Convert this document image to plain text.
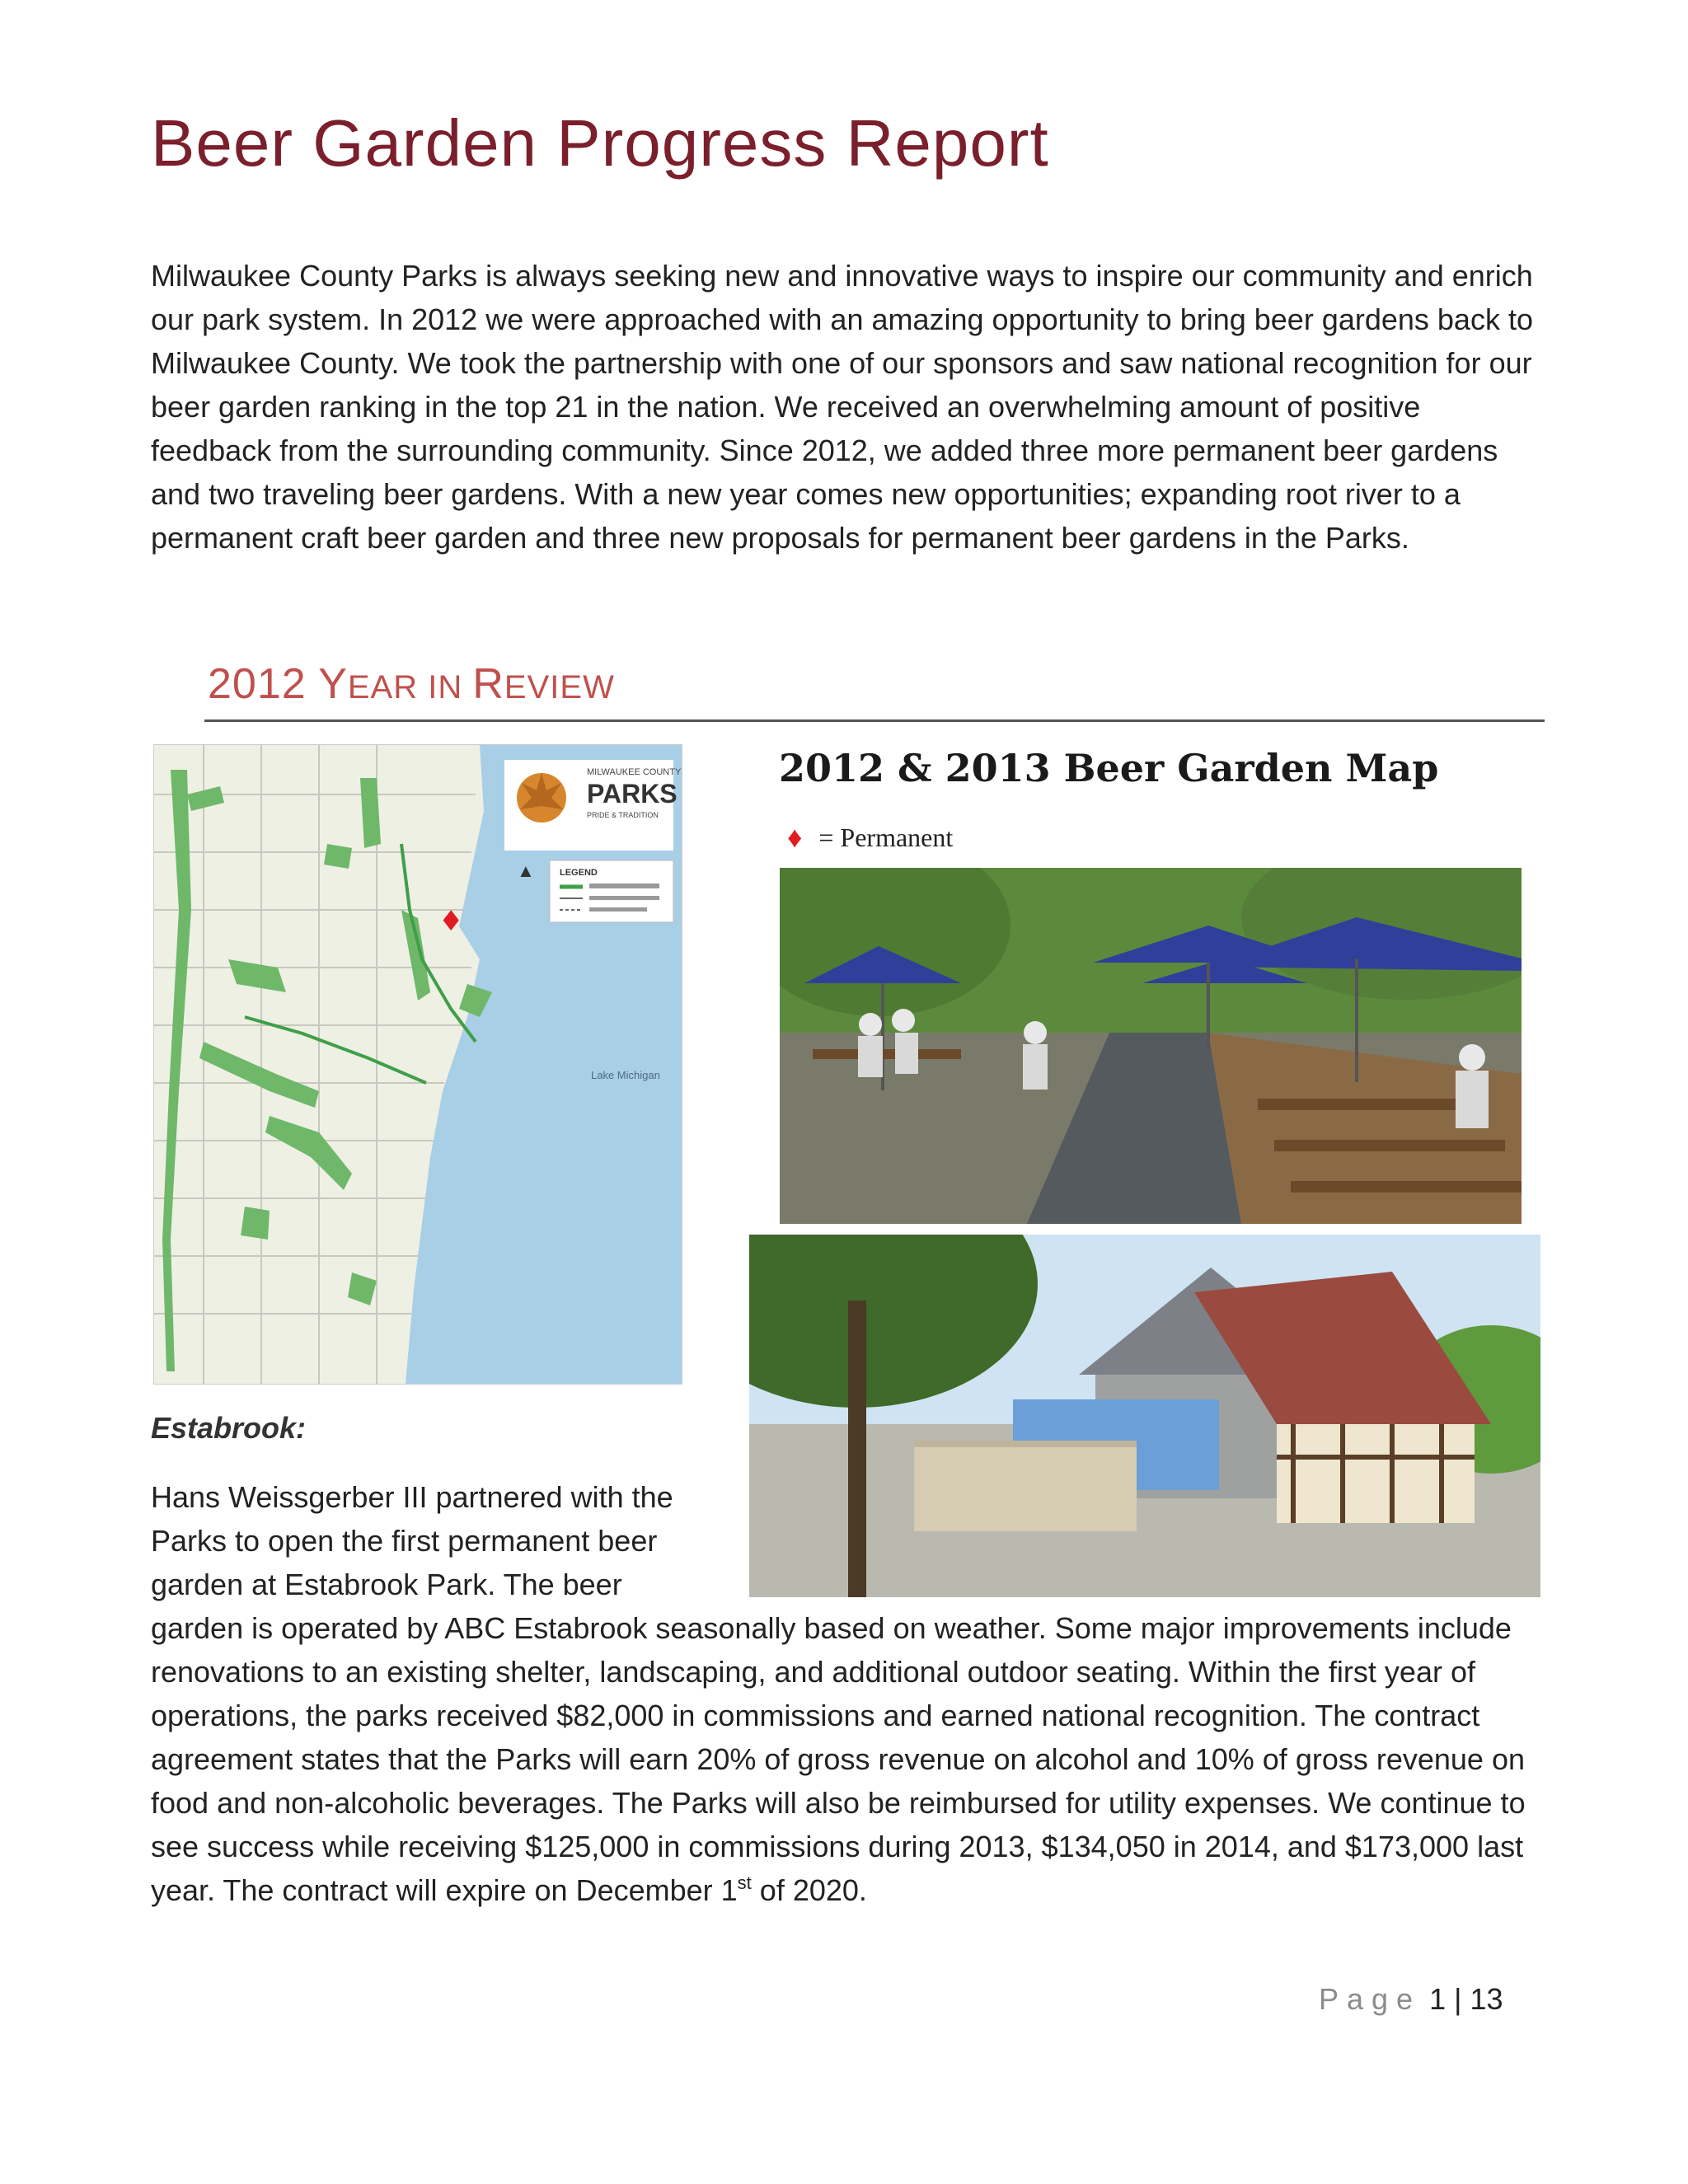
Beer Garden Progress Report

Milwaukee County Parks is always seeking new and innovative ways to inspire our community and enrich our park system. In 2012 we were approached with an amazing opportunity to bring beer gardens back to Milwaukee County. We took the partnership with one of our sponsors and saw national recognition for our beer garden ranking in the top 21 in the nation. We received an overwhelming amount of positive feedback from the surrounding community. Since 2012, we added three more permanent beer gardens and two traveling beer gardens. With a new year comes new opportunities; expanding root river to a permanent craft beer garden and three new proposals for permanent beer gardens in the Parks.

2012 YEAR IN REVIEW
MILWAUKEE COUNTY
PARKS
PRIDE & TRADITION
LEGEND
▲
♦
Lake Michigan
2012 & 2013 Beer Garden Map
♦ = Permanent
Estabrook:

Hans Weissgerber III partnered with the Parks to open the first permanent beer garden at Estabrook Park. The beer

garden is operated by ABC Estabrook seasonally based on weather. Some major improvements include renovations to an existing shelter, landscaping, and additional outdoor seating. Within the first year of operations, the parks received $82,000 in commissions and earned national recognition. The contract agreement states that the Parks will earn 20% of gross revenue on alcohol and 10% of gross revenue on food and non-alcoholic beverages. The Parks will also be reimbursed for utility expenses. We continue to see success while receiving $125,000 in commissions during 2013, $134,050 in 2014, and $173,000 last year. The contract will expire on December 1st of 2020.

Page 1 | 13
